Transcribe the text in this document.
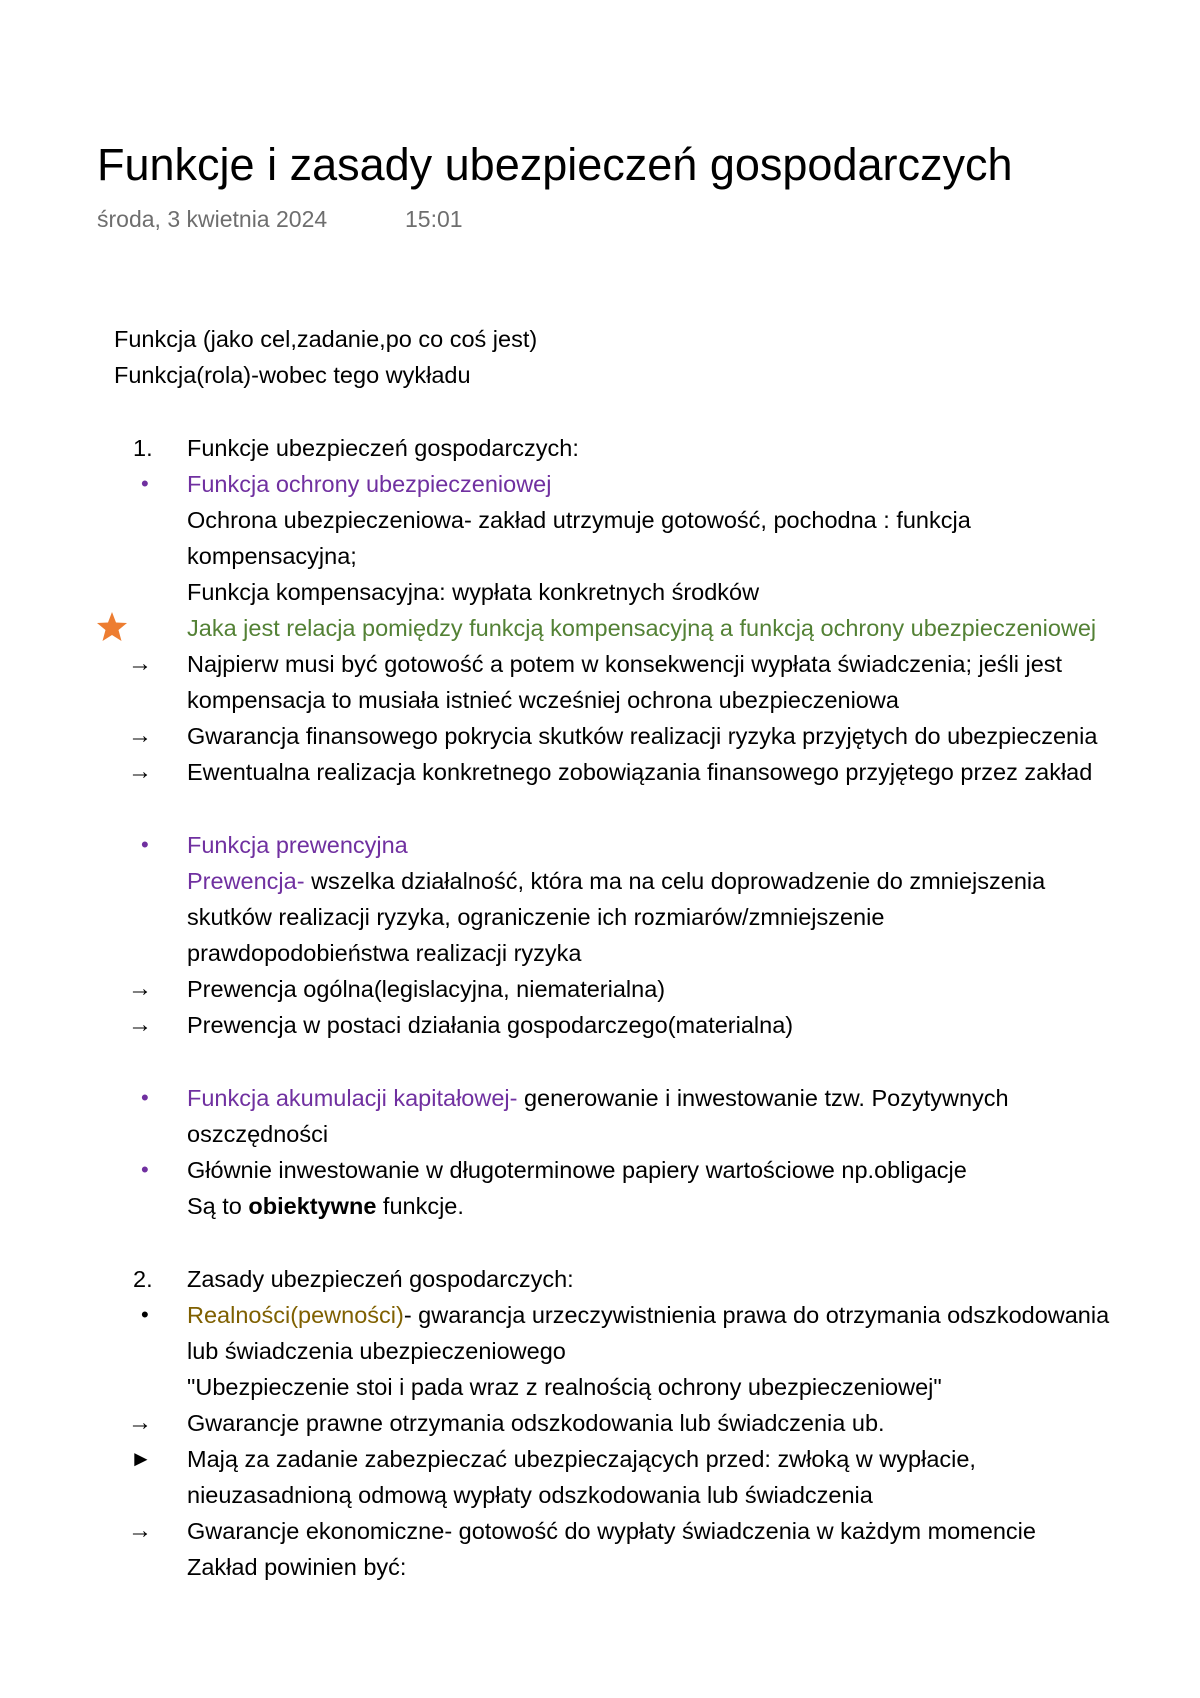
Funkcje i zasady ubezpieczeń gospodarczych
środa, 3 kwietnia 2024	15:01
Funkcja (jako cel,zadanie,po co coś jest)
Funkcja(rola)-wobec tego wykładu
1. Funkcje ubezpieczeń gospodarczych:
• Funkcja ochrony ubezpieczeniowej
Ochrona ubezpieczeniowa- zakład utrzymuje gotowość, pochodna : funkcja
kompensacyjna;
Funkcja kompensacyjna: wypłata konkretnych środków
Jaka jest relacja pomiędzy funkcją kompensacyjną a funkcją ochrony ubezpieczeniowej
→ Najpierw musi być gotowość a potem w konsekwencji wypłata świadczenia; jeśli jest
kompensacja to musiała istnieć wcześniej ochrona ubezpieczeniowa
→ Gwarancja finansowego pokrycia skutków realizacji ryzyka przyjętych do ubezpieczenia
→ Ewentualna realizacja konkretnego zobowiązania finansowego przyjętego przez zakład
• Funkcja prewencyjna
Prewencja- wszelka działalność, która ma na celu doprowadzenie do zmniejszenia
skutków realizacji ryzyka, ograniczenie ich rozmiarów/zmniejszenie
prawdopodobieństwa realizacji ryzyka
→ Prewencja ogólna(legislacyjna, niematerialna)
→ Prewencja w postaci działania gospodarczego(materialna)
• Funkcja akumulacji kapitałowej- generowanie i inwestowanie tzw. Pozytywnych
oszczędności
• Głównie inwestowanie w długoterminowe papiery wartościowe np.obligacje
Są to obiektywne funkcje.
2. Zasady ubezpieczeń gospodarczych:
• Realności(pewności)- gwarancja urzeczywistnienia prawa do otrzymania odszkodowania
lub świadczenia ubezpieczeniowego
"Ubezpieczenie stoi i pada wraz z realnością ochrony ubezpieczeniowej"
→ Gwarancje prawne otrzymania odszkodowania lub świadczenia ub.
► Mają za zadanie zabezpieczać ubezpieczających przed: zwłoką w wypłacie,
nieuzasadnioną odmową wypłaty odszkodowania lub świadczenia
→ Gwarancje ekonomiczne- gotowość do wypłaty świadczenia w każdym momencie
Zakład powinien być:
